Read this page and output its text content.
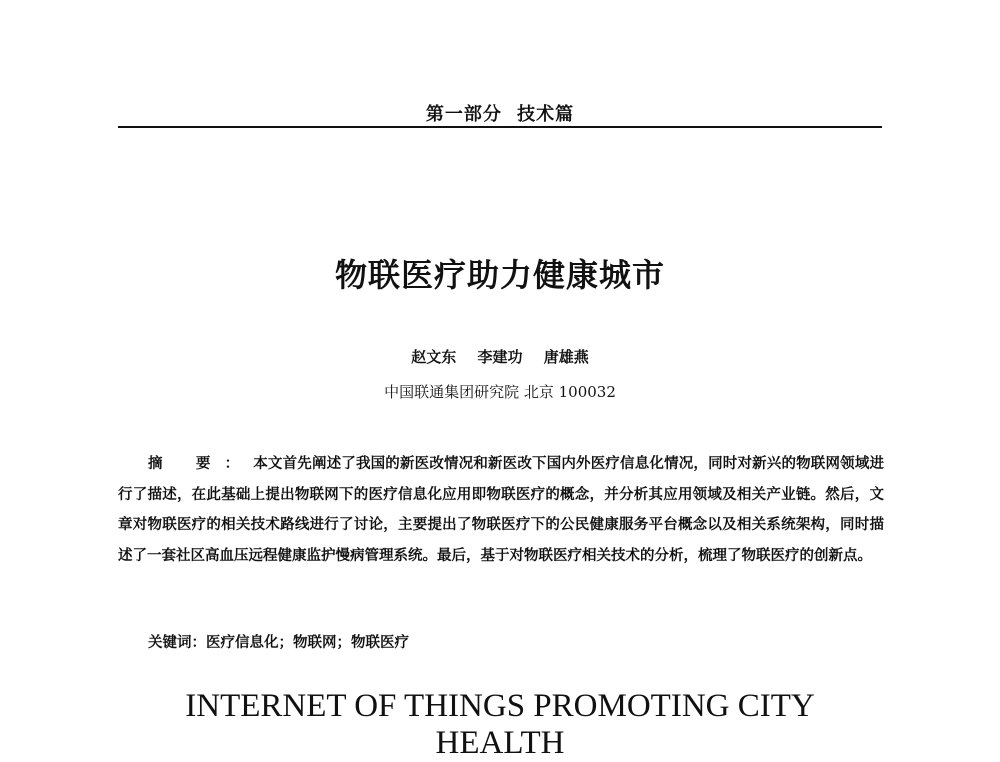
第一部分 技术篇
物联医疗助力健康城市
赵文东 李建功 唐雄燕
中国联通集团研究院 北京 100032
摘 要：本文首先阐述了我国的新医改情况和新医改下国内外医疗信息化情况，同时对新兴的物联网领域进行了描述，在此基础上提出物联网下的医疗信息化应用即物联医疗的概念，并分析其应用领域及相关产业链。然后，文章对物联医疗的相关技术路线进行了讨论，主要提出了物联医疗下的公民健康服务平台概念以及相关系统架构，同时描述了一套社区高血压远程健康监护慢病管理系统。最后，基于对物联医疗相关技术的分析，梳理了物联医疗的创新点。
关键词：医疗信息化；物联网；物联医疗
INTERNET OF THINGS PROMOTING CITY HEALTH
